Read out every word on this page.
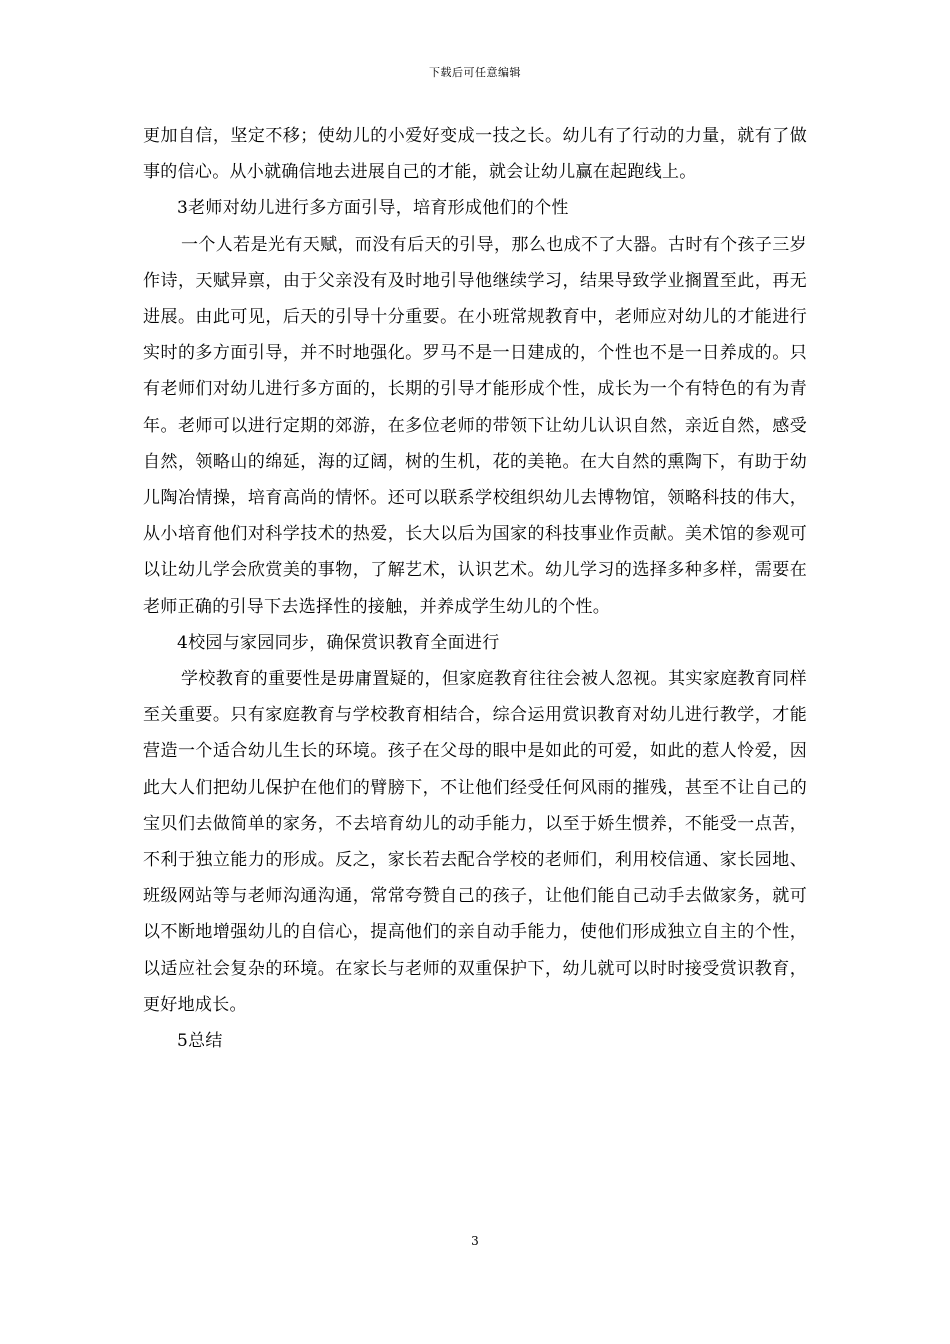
下载后可任意编辑

更加自信，坚定不移；使幼儿的小爱好变成一技之长。幼儿有了行动的力量，就有了做事的信心。从小就确信地去进展自己的才能，就会让幼儿赢在起跑线上。

3老师对幼儿进行多方面引导，培育形成他们的个性

一个人若是光有天赋，而没有后天的引导，那么也成不了大器。古时有个孩子三岁作诗，天赋异禀，由于父亲没有及时地引导他继续学习，结果导致学业搁置至此，再无进展。由此可见，后天的引导十分重要。在小班常规教育中，老师应对幼儿的才能进行实时的多方面引导，并不时地强化。罗马不是一日建成的，个性也不是一日养成的。只有老师们对幼儿进行多方面的，长期的引导才能形成个性，成长为一个有特色的有为青年。老师可以进行定期的郊游，在多位老师的带领下让幼儿认识自然，亲近自然，感受自然，领略山的绵延，海的辽阔，树的生机，花的美艳。在大自然的熏陶下，有助于幼儿陶冶情操，培育高尚的情怀。还可以联系学校组织幼儿去博物馆，领略科技的伟大，从小培育他们对科学技术的热爱，长大以后为国家的科技事业作贡献。美术馆的参观可以让幼儿学会欣赏美的事物，了解艺术，认识艺术。幼儿学习的选择多种多样，需要在老师正确的引导下去选择性的接触，并养成学生幼儿的个性。

4校园与家园同步，确保赏识教育全面进行

学校教育的重要性是毋庸置疑的，但家庭教育往往会被人忽视。其实家庭教育同样至关重要。只有家庭教育与学校教育相结合，综合运用赏识教育对幼儿进行教学，才能营造一个适合幼儿生长的环境。孩子在父母的眼中是如此的可爱，如此的惹人怜爱，因此大人们把幼儿保护在他们的臂膀下，不让他们经受任何风雨的摧残，甚至不让自己的宝贝们去做简单的家务，不去培育幼儿的动手能力，以至于娇生惯养，不能受一点苦，不利于独立能力的形成。反之，家长若去配合学校的老师们，利用校信通、家长园地、班级网站等与老师沟通沟通，常常夸赞自己的孩子，让他们能自己动手去做家务，就可以不断地增强幼儿的自信心，提高他们的亲自动手能力，使他们形成独立自主的个性，以适应社会复杂的环境。在家长与老师的双重保护下，幼儿就可以时时接受赏识教育，更好地成长。

5总结

3
